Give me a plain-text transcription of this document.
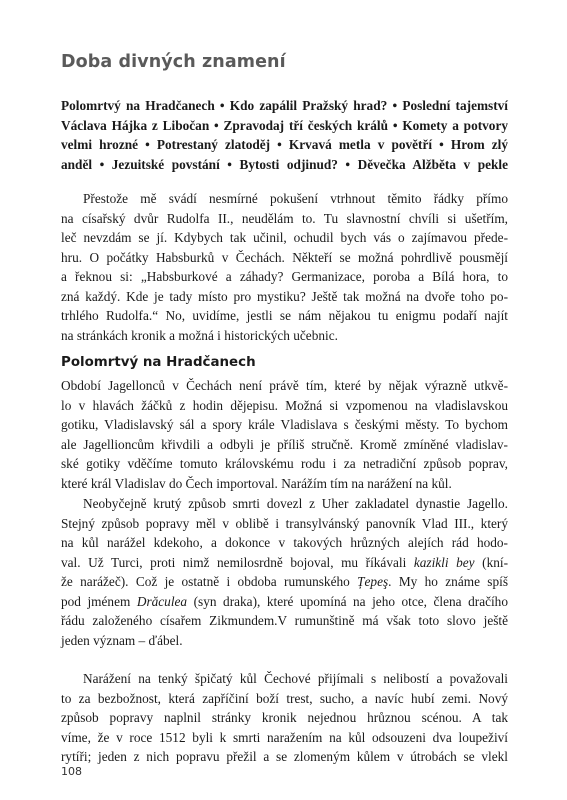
Doba divných znamení

Polomrtvý na Hradčanech • Kdo zapálil Pražský hrad? • Poslední tajemství
Václava Hájka z Libočan • Zpravodaj tří českých králů • Komety a potvory
velmi hrozné • Potrestaný zlatoděj • Krvavá metla v povětří • Hrom zlý
anděl • Jezuitské povstání • Bytosti odjinud? • Děvečka Alžběta v pekle

Přestože mě svádí nesmírné pokušení vtrhnout těmito řádky přímo
na císařský dvůr Rudolfa II., neudělám to. Tu slavnostní chvíli si ušetřím,
leč nevzdám se jí. Kdybych tak učinil, ochudil bych vás o zajímavou přede-
hru. O počátky Habsburků v Čechách. Někteří se možná pohrdlivě pousmějí
a řeknou si: „Habsburkové a záhady? Germanizace, poroba a Bílá hora, to
zná každý. Kde je tady místo pro mystiku? Ještě tak možná na dvoře toho po-
trhlého Rudolfa.“ No, uvidíme, jestli se nám nějakou tu enigmu podaří najít
na stránkách kronik a možná i historických učebnic.
Polomrtvý na Hradčanech
Období Jagellonců v Čechách není právě tím, které by nějak výrazně utkvě-
lo v hlavách žáčků z hodin dějepisu. Možná si vzpomenou na vladislavskou
gotiku, Vladislavský sál a spory krále Vladislava s českými městy. To bychom
ale Jagellioncům křivdili a odbyli je příliš stručně. Kromě zmíněné vladislav-
ské gotiky vděčíme tomuto královskému rodu i za netradiční způsob poprav,
které král Vladislav do Čech importoval. Narážím tím na narážení na kůl.
Neobyčejně krutý způsob smrti dovezl z Uher zakladatel dynastie Jagello.
Stejný způsob popravy měl v oblibě i transylvánský panovník Vlad III., který
na kůl narážel kdekoho, a dokonce v takových hrůzných alejích rád hodo-
val. Už Turci, proti nimž nemilosrdně bojoval, mu říkávali kazikli bey (kní-
že narážeč). Což je ostatně i obdoba rumunského Țepeş. My ho známe spíš
pod jménem Drăculea (syn draka), které upomíná na jeho otce, člena dračího
řádu založeného císařem Zikmundem.V rumunštině má však toto slovo ještě
jeden význam – ďábel.
Narážení na tenký špičatý kůl Čechové přijímali s nelibostí a považovali
to za bezbožnost, která zapříčiní boží trest, sucho, a navíc hubí zemi. Nový
způsob popravy naplnil stránky kronik nejednou hrůznou scénou. A tak
víme, že v roce 1512 byli k smrti naražením na kůl odsouzeni dva loupeživí
rytíři; jeden z nich popravu přežil a se zlomeným kůlem v útrobách se vlekl
108
